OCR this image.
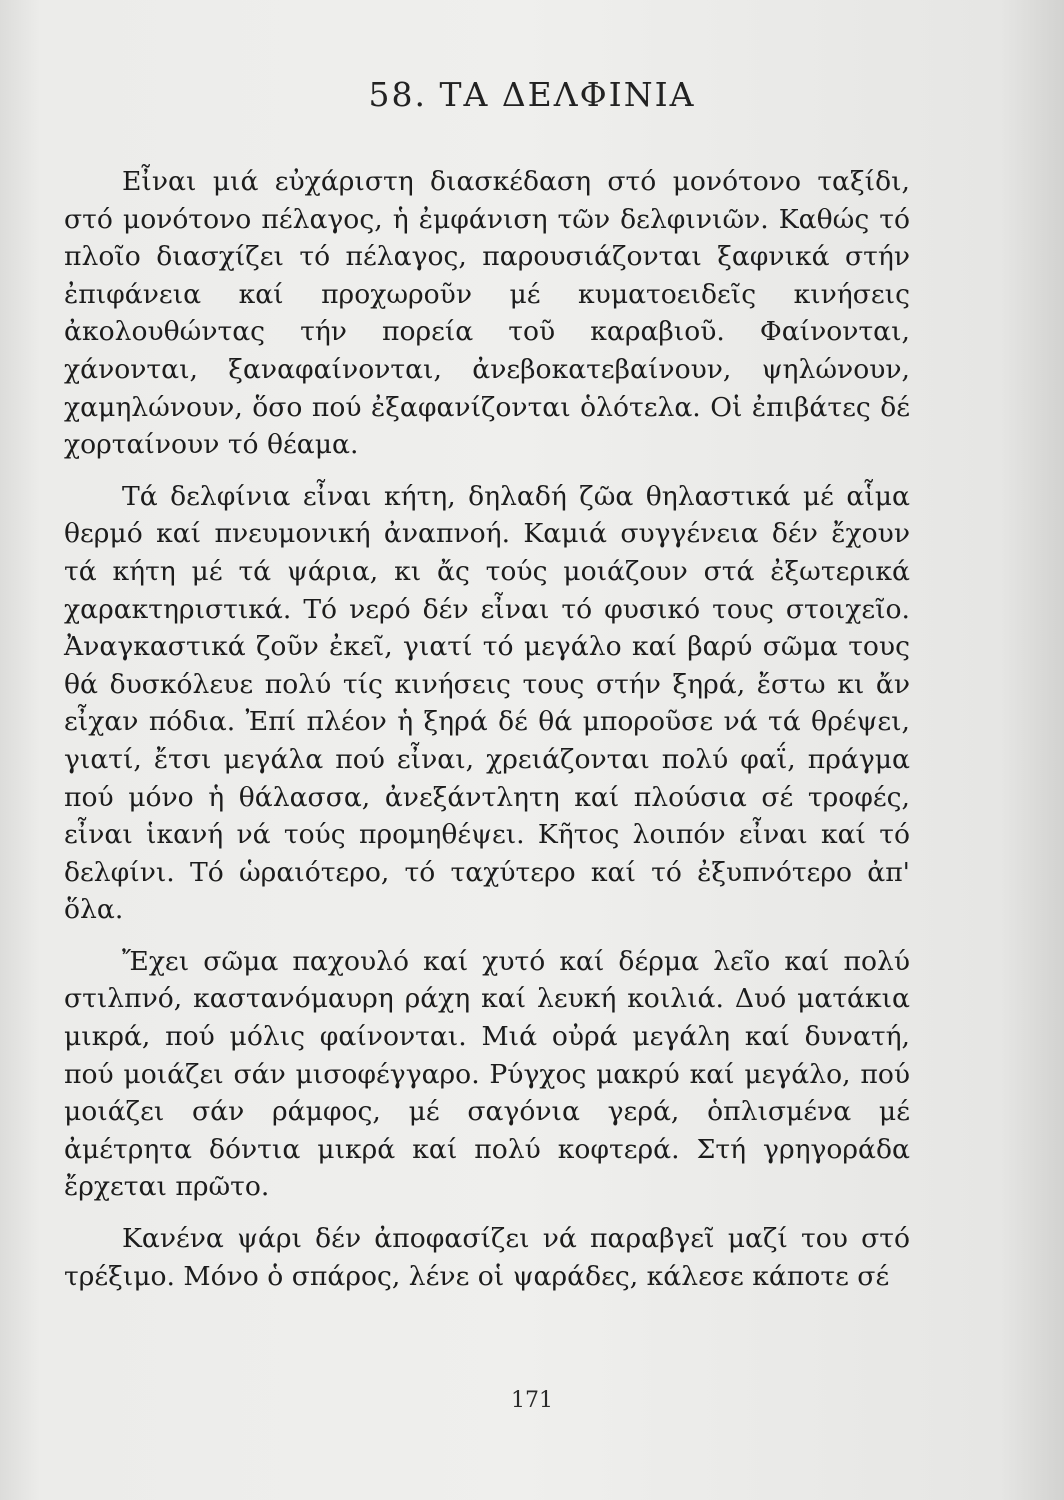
58. ΤΑ ΔΕΛΦΙΝΙΑ

Εἶναι μιά εὐχάριστη διασκέδαση στό μονότονο ταξίδι, στό μονότονο πέλαγος, ἡ ἐμφάνιση τῶν δελφινιῶν. Καθώς τό πλοῖο διασχίζει τό πέλαγος, παρουσιάζονται ξαφνικά στήν ἐπιφάνεια καί προχωροῦν μέ κυματοειδεῖς κινήσεις ἀκολουθώντας τήν πορεία τοῦ καραβιοῦ. Φαίνονται, χάνονται, ξαναφαίνονται, ἀνεβοκατεβαίνουν, ψηλώνουν, χαμηλώνουν, ὅσο πού ἐξαφανίζονται ὁλότελα. Οἱ ἐπιβάτες δέ χορταίνουν τό θέαμα.

Τά δελφίνια εἶναι κήτη, δηλαδή ζῶα θηλαστικά μέ αἷμα θερμό καί πνευμονική ἀναπνοή. Καμιά συγγένεια δέν ἔχουν τά κήτη μέ τά ψάρια, κι ἄς τούς μοιάζουν στά ἐξωτερικά χαρακτηριστικά. Τό νερό δέν εἶναι τό φυσικό τους στοιχεῖο. Ἀναγκαστικά ζοῦν ἐκεῖ, γιατί τό μεγάλο καί βαρύ σῶμα τους θά δυσκόλευε πολύ τίς κινήσεις τους στήν ξηρά, ἔστω κι ἄν εἶχαν πόδια. Ἐπί πλέον ἡ ξηρά δέ θά μποροῦσε νά τά θρέψει, γιατί, ἔτσι μεγάλα πού εἶναι, χρειάζονται πολύ φαΐ, πράγμα πού μόνο ἡ θάλασσα, ἀνεξάντλητη καί πλούσια σέ τροφές, εἶναι ἱκανή νά τούς προμηθέψει. Κῆτος λοιπόν εἶναι καί τό δελφίνι. Τό ὡραιότερο, τό ταχύτερο καί τό ἐξυπνότερο ἀπ' ὅλα.

Ἔχει σῶμα παχουλό καί χυτό καί δέρμα λεῖο καί πολύ στιλπνό, καστανόμαυρη ράχη καί λευκή κοιλιά. Δυό ματάκια μικρά, πού μόλις φαίνονται. Μιά οὐρά μεγάλη καί δυνατή, πού μοιάζει σάν μισοφέγγαρο. Ρύγχος μακρύ καί μεγάλο, πού μοιάζει σάν ράμφος, μέ σαγόνια γερά, ὁπλισμένα μέ ἀμέτρητα δόντια μικρά καί πολύ κοφτερά. Στή γρηγοράδα ἔρχεται πρῶτο.

Κανένα ψάρι δέν ἀποφασίζει νά παραβγεῖ μαζί του στό τρέξιμο. Μόνο ὁ σπάρος, λένε οἱ ψαράδες, κάλεσε κάποτε σέ

171
